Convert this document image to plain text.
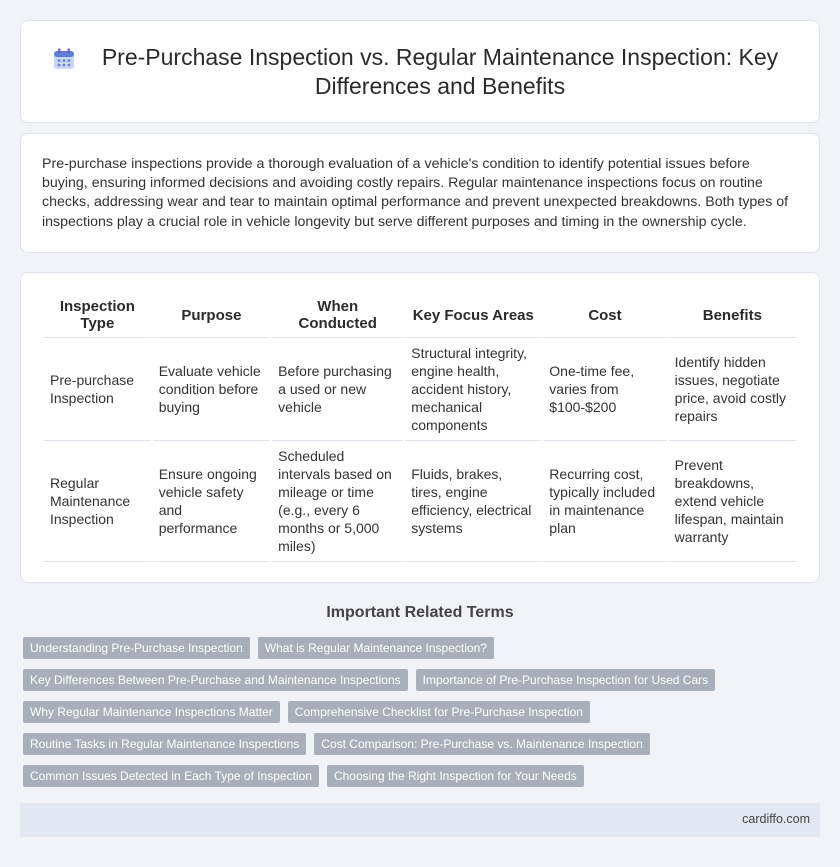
Pre-Purchase Inspection vs. Regular Maintenance Inspection: Key Differences and Benefits

Pre-purchase inspections provide a thorough evaluation of a vehicle's condition to identify potential issues before buying, ensuring informed decisions and avoiding costly repairs. Regular maintenance inspections focus on routine checks, addressing wear and tear to maintain optimal performance and prevent unexpected breakdowns. Both types of inspections play a crucial role in vehicle longevity but serve different purposes and timing in the ownership cycle.

Inspection Type	Purpose	When Conducted	Key Focus Areas	Cost	Benefits
Pre-purchase Inspection	Evaluate vehicle condition before buying	Before purchasing a used or new vehicle	Structural integrity, engine health, accident history, mechanical components	One-time fee, varies from $100-$200	Identify hidden issues, negotiate price, avoid costly repairs
Regular Maintenance Inspection	Ensure ongoing vehicle safety and performance	Scheduled intervals based on mileage or time (e.g., every 6 months or 5,000 miles)	Fluids, brakes, tires, engine efficiency, electrical systems	Recurring cost, typically included in maintenance plan	Prevent breakdowns, extend vehicle lifespan, maintain warranty
Important Related Terms
Understanding Pre-Purchase Inspection	What is Regular Maintenance Inspection?
Key Differences Between Pre-Purchase and Maintenance Inspections	Importance of Pre-Purchase Inspection for Used Cars
Why Regular Maintenance Inspections Matter	Comprehensive Checklist for Pre-Purchase Inspection
Routine Tasks in Regular Maintenance Inspections	Cost Comparison: Pre-Purchase vs. Maintenance Inspection
Common Issues Detected in Each Type of Inspection	Choosing the Right Inspection for Your Needs
cardiffo.com
